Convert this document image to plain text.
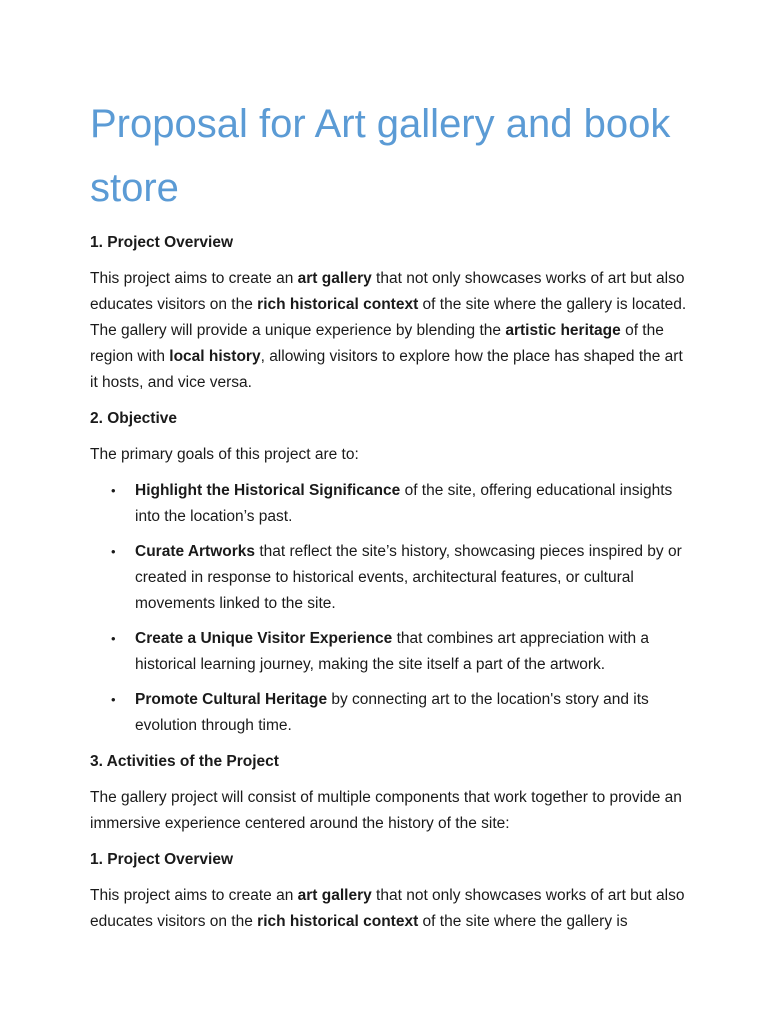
Proposal for Art gallery and book store
1. Project Overview

This project aims to create an art gallery that not only showcases works of art but also educates visitors on the rich historical context of the site where the gallery is located. The gallery will provide a unique experience by blending the artistic heritage of the region with local history, allowing visitors to explore how the place has shaped the art it hosts, and vice versa.

2. Objective

The primary goals of this project are to:

• Highlight the Historical Significance of the site, offering educational insights into the location’s past.
• Curate Artworks that reflect the site’s history, showcasing pieces inspired by or created in response to historical events, architectural features, or cultural movements linked to the site.
• Create a Unique Visitor Experience that combines art appreciation with a historical learning journey, making the site itself a part of the artwork.
• Promote Cultural Heritage by connecting art to the location's story and its evolution through time.
3. Activities of the Project

The gallery project will consist of multiple components that work together to provide an immersive experience centered around the history of the site:

1. Project Overview

This project aims to create an art gallery that not only showcases works of art but also educates visitors on the rich historical context of the site where the gallery is
